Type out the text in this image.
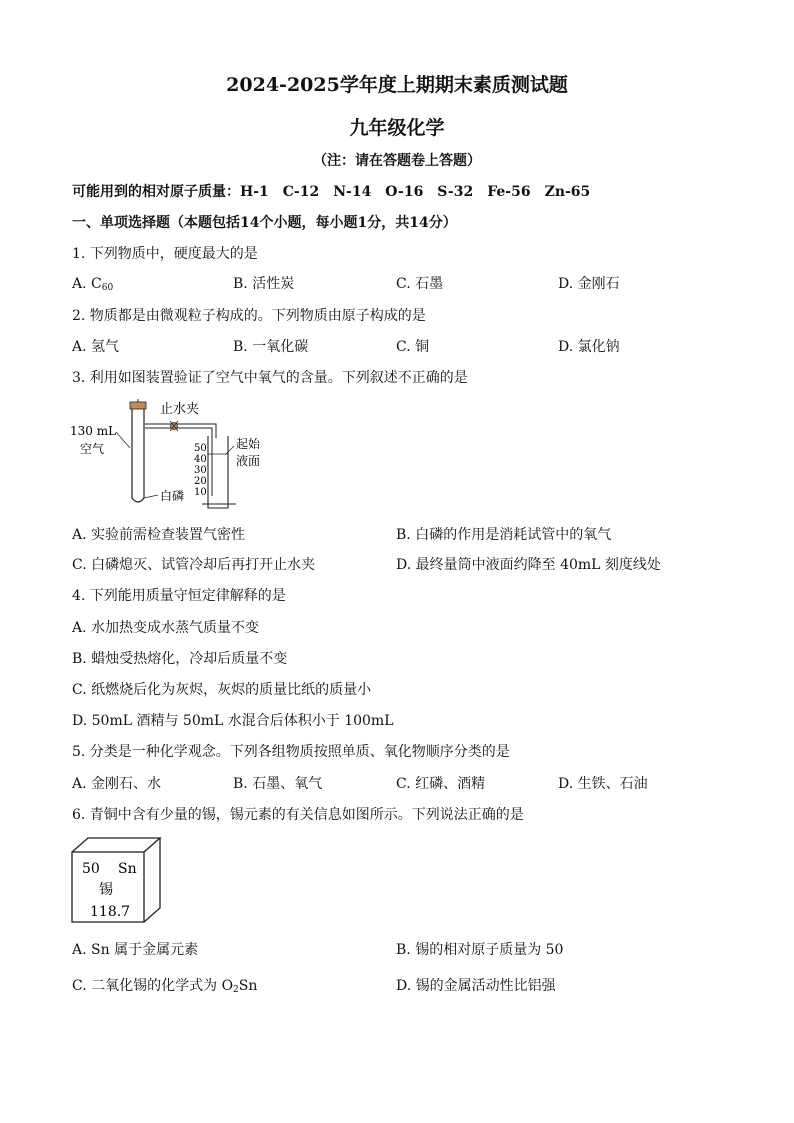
2024-2025学年度上期期末素质测试题
九年级化学
（注：请在答题卷上答题）
可能用到的相对原子质量：H-1　C-12　N-14　O-16　S-32　Fe-56　Zn-65
一、单项选择题（本题包括14个小题，每小题1分，共14分）
1. 下列物质中，硬度最大的是
A. $C_{60}$	B. 活性炭	C. 石墨	D. 金刚石
2. 物质都是由微观粒子构成的。下列物质由原子构成的是
A. 氢气	B. 一氧化碳	C. 铜	D. 氯化钠
3. 利用如图装置验证了空气中氧气的含量。下列叙述不正确的是
止水夹
130 mL
空气
白磷
50
40
30
20
10
起始
液面
A. 实验前需检查装置气密性	B. 白磷的作用是消耗试管中的氧气
C. 白磷熄灭、试管冷却后再打开止水夹	D. 最终量筒中液面约降至 40mL 刻度线处
4. 下列能用质量守恒定律解释的是
A. 水加热变成水蒸气质量不变
B. 蜡烛受热熔化，冷却后质量不变
C. 纸燃烧后化为灰烬，灰烬的质量比纸的质量小
D. 50mL 酒精与 50mL 水混合后体积小于 100mL
5. 分类是一种化学观念。下列各组物质按照单质、氧化物顺序分类的是
A. 金刚石、水	B. 石墨、氧气	C. 红磷、酒精	D. 生铁、石油
6. 青铜中含有少量的锡，锡元素的有关信息如图所示。下列说法正确的是
50 Sn
锡
118.7
A. Sn 属于金属元素	B. 锡的相对原子质量为 50
C. 二氧化锡的化学式为 $O_2Sn$	D. 锡的金属活动性比铝强
